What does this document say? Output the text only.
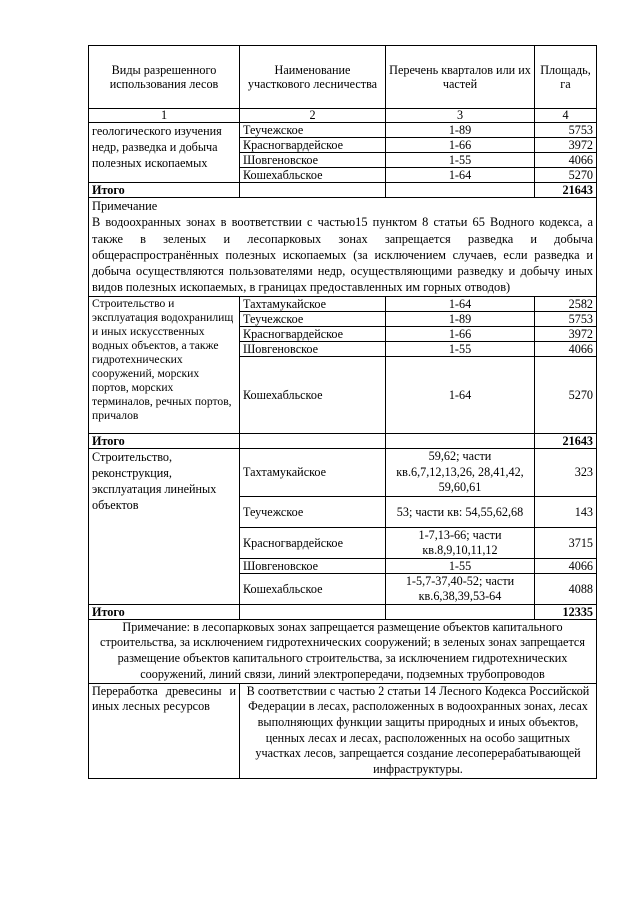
Виды разрешенного использования лесов	Наименование участкового лесничества	Перечень кварталов или их частей	Площадь, га
1	2	3	4
геологического изучения недр, разведка и добыча полезных ископаемых	Теучежское	1-89	5753
	Красногвардейское	1-66	3972
	Шовгеновское	1-55	4066
	Кошехабльское	1-64	5270
Итого			21643

Примечание
В водоохранных зонах в воответствии с частью15 пунктом 8 статьи 65 Водного кодекса, а также в зеленых и лесопарковых зонах запрещается разведка и добыча общераспространённых полезных ископаемых (за исключением случаев, если разведка и добыча осуществляются пользователями недр, осуществляющими разведку и добычу иных видов полезных ископаемых, в границах предоставленных им горных отводов)			

Строительство и эксплуатация водохранилищ и иных искусственных водных объектов, а также гидротехнических сооружений, морских портов, морских терминалов, речных портов, причалов	Тахтамукайское	1-64	2582
	Теучежское	1-89	5753
	Красногвардейское	1-66	3972
	Шовгеновское	1-55	4066
	Кошехабльское	1-64	5270
Итого			21643
Строительство, реконструкция, эксплуатация линейных объектов	Тахтамукайское	59,62; части кв.6,7,12,13,26, 28,41,42, 59,60,61	323
	Теучежское	53; части кв: 54,55,62,68	143
	Красногвардейское	1-7,13-66; части кв.8,9,10,11,12	3715
	Шовгеновское	1-55	4066
	Кошехабльское	1-5,7-37,40-52; части кв.6,38,39,53-64	4088
Итого			12335
Примечание: в лесопарковых зонах запрещается размещение объектов капитального строительства, за исключением гидротехнических сооружений; в зеленых зонах запрещается размещение объектов капитального строительства, за исключением гидротехнических сооружений, линий связи, линий электропередачи, подземных трубопроводов			
Переработка древесины и иных лесных ресурсов	В соответствии с частью 2 статьи 14 Лесного Кодекса Российской Федерации в лесах, расположенных в водоохранных зонах, лесах выполняющих функции защиты природных и иных объектов, ценных лесах и лесах, расположенных на особо защитных участках лесов, запрещается создание лесоперерабатывающей инфраструктуры.		
